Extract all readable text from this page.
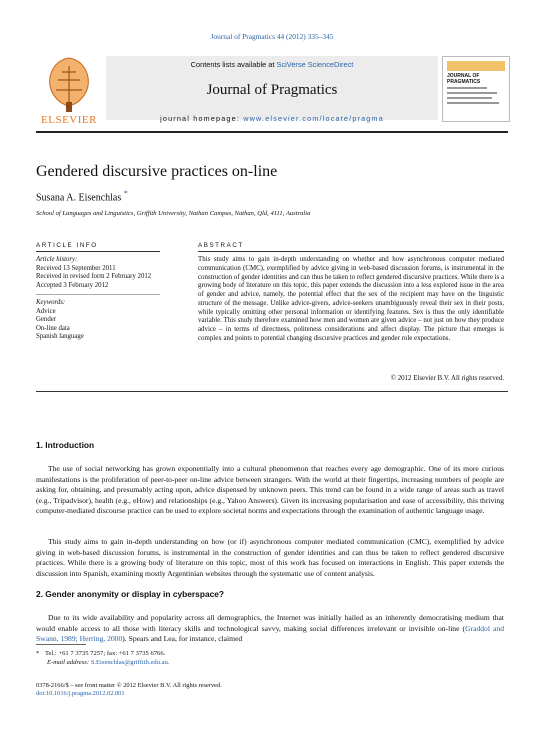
Journal of Pragmatics 44 (2012) 335–345
ELSEVIER
Contents lists available at SciVerse ScienceDirect
Journal of Pragmatics
journal homepage: www.elsevier.com/locate/pragma
JOURNAL OF PRAGMATICS
Gendered discursive practices on-line
Susana A. Eisenchlas *
School of Languages and Linguistics, Griffith University, Nathan Campus, Nathan, Qld, 4111, Australia
ARTICLE INFO
Article history:
Received 13 September 2011
Received in revised form 2 February 2012
Accepted 3 February 2012
Keywords:
Advice
Gender
On-line data
Spanish language
ABSTRACT
This study aims to gain in-depth understanding on whether and how asynchronous computer mediated communication (CMC), exemplified by advice giving in web-based discussion forums, is instrumental in the construction of gender identities and can thus be taken to reflect gendered discursive practices. While there is a growing body of literature on this topic, this paper extends the discussion into a less explored issue in the area of gender and advice, namely, the potential effect that the sex of the recipient may have on the linguistic structure of the message. Unlike advice-givers, advice-seekers unambiguously reveal their sex in their posts, while typically omitting other personal information or identifying features. Sex is thus the only identifiable variable. This study therefore examined how men and women are given advice – not just on how they produce advice – in terms of directness, politeness considerations and affect display. The picture that emerges is complex and points to potential changing discursive practices and gender role expectations.
© 2012 Elsevier B.V. All rights reserved.
1. Introduction
The use of social networking has grown exponentially into a cultural phenomenon that reaches every age demographic. One of its more curious manifestations is the proliferation of peer-to-peer on-line advice between strangers. With the world at their fingertips, increasing numbers of people are asking for, obtaining, and presumably acting upon, advice dispensed by unknown peers. This trend can be found in a wide range of areas such as travel (e.g., Tripadvisor), health (e.g., eHow) and relationships (e.g., Yahoo Answers). Given its increasing popularisation and ease of accessibility, this thriving computer-mediated discourse practice can be used to explore societal norms and expectations through the examination of authentic language usage.
This study aims to gain in-depth understanding on how (or if) asynchronous computer mediated communication (CMC), exemplified by advice giving in web-based discussion forums, is instrumental in the construction of gender identities and can thus be taken to reflect gendered discursive practices. While there is a growing body of literature on this topic, most of this work has focused on interactions in English. This paper extends the discussion into Spanish, examining mostly Argentinian websites through the systematic use of content analysis.
2. Gender anonymity or display in cyberspace?
Due to its wide availability and popularity across all demographics, the Internet was initially hailed as an inherently democratising medium that would enable access to all those with literacy skills and technological savvy, making social differences irrelevant or invisible on-line (Graddol and Swann, 1989; Herring, 2000). Spears and Lea, for instance, claimed
* Tel.: +61 7 3735 7257; fax: +61 7 3735 6766.
E-mail address: S.Eisenchlas@griffith.edu.au.
0378-2166/$ – see front matter © 2012 Elsevier B.V. All rights reserved.
doi:10.1016/j.pragma.2012.02.001
